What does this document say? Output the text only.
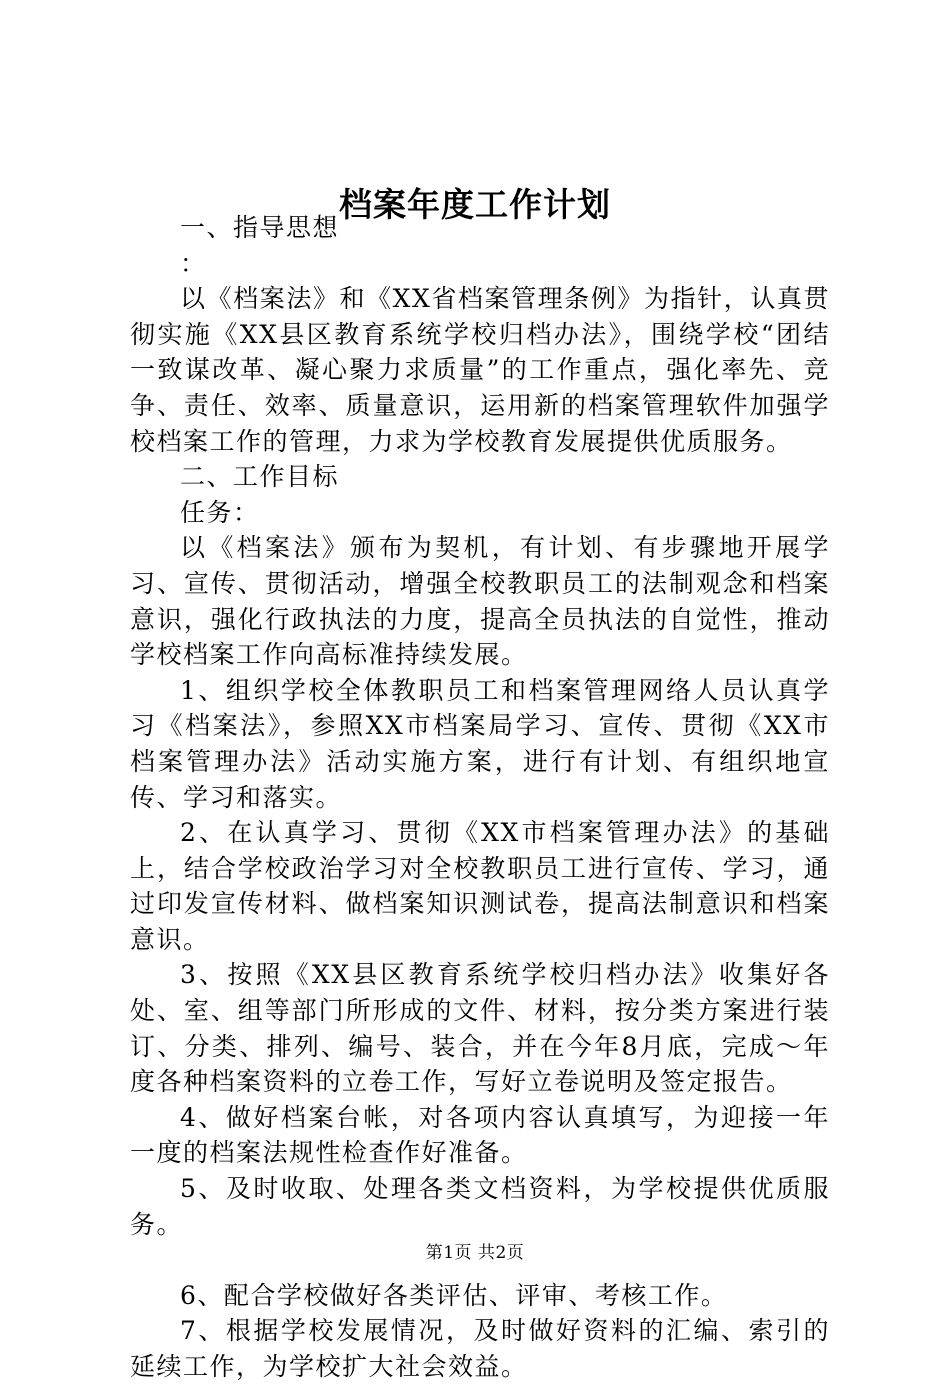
档案年度工作计划

一、指导思想

：

以《档案法》和《XX省档案管理条例》为指针，认真贯彻实施《XX县区教育系统学校归档办法》，围绕学校“团结一致谋改革、凝心聚力求质量”的工作重点，强化率先、竞争、责任、效率、质量意识，运用新的档案管理软件加强学校档案工作的管理，力求为学校教育发展提供优质服务。

二、工作目标

任务：

以《档案法》颁布为契机，有计划、有步骤地开展学习、宣传、贯彻活动，增强全校教职员工的法制观念和档案意识，强化行政执法的力度，提高全员执法的自觉性，推动学校档案工作向高标准持续发展。

1、组织学校全体教职员工和档案管理网络人员认真学习《档案法》，参照XX市档案局学习、宣传、贯彻《XX市档案管理办法》活动实施方案，进行有计划、有组织地宣传、学习和落实。

2、在认真学习、贯彻《XX市档案管理办法》的基础上，结合学校政治学习对全校教职员工进行宣传、学习，通过印发宣传材料、做档案知识测试卷，提高法制意识和档案意识。

3、按照《XX县区教育系统学校归档办法》收集好各处、室、组等部门所形成的文件、材料，按分类方案进行装订、分类、排列、编号、装合，并在今年8月底，完成～年度各种档案资料的立卷工作，写好立卷说明及签定报告。

4、做好档案台帐，对各项内容认真填写，为迎接一年一度的档案法规性检查作好准备。

5、及时收取、处理各类文档资料，为学校提供优质服务。

6、配合学校做好各类评估、评审、考核工作。

7、根据学校发展情况，及时做好资料的汇编、索引的延续工作，为学校扩大社会效益。

第1页 共2页
